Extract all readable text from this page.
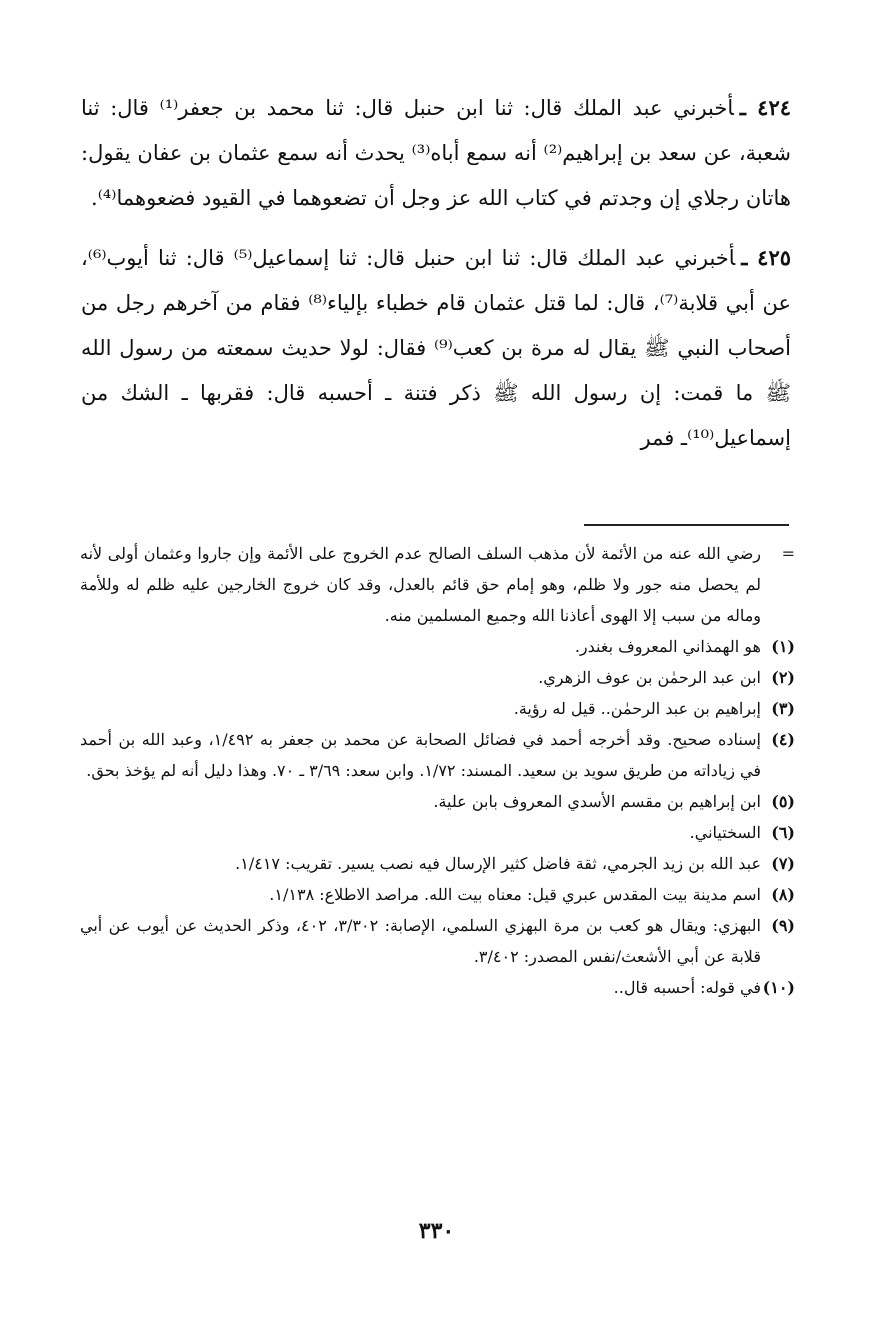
٤٢٤ ـأخبرني عبد الملك قال: ثنا ابن حنبل قال: ثنا محمد بن جعفر⁽¹⁾ قال: ثنا شعبة، عن سعد بن إبراهيم⁽²⁾ أنه سمع أباه⁽³⁾ يحدث أنه سمع عثمان بن عفان يقول: هاتان رجلاي إن وجدتم في كتاب الله عز وجل أن تضعوهما في القيود فضعوهما⁽⁴⁾.

٤٢٥ ـأخبرني عبد الملك قال: ثنا ابن حنبل قال: ثنا إسماعيل⁽⁵⁾ قال: ثنا أيوب⁽⁶⁾، عن أبي قلابة⁽⁷⁾، قال: لما قتل عثمان قام خطباء بإلياء⁽⁸⁾ فقام من آخرهم رجل من أصحاب النبي ﷺ يقال له مرة بن كعب⁽⁹⁾ فقال: لولا حديث سمعته من رسول الله ﷺ ما قمت: إن رسول الله ﷺ ذكر فتنة ـ أحسبه قال: فقربها ـ الشك من إسماعيل⁽¹⁰⁾ـ فمر

=
رضي الله عنه من الأئمة لأن مذهب السلف الصالح عدم الخروج على الأئمة وإن جاروا وعثمان أولى لأنه لم يحصل منه جور ولا ظلم، وهو إمام حق قائم بالعدل، وقد كان خروج الخارجين عليه ظلم له وللأمة وماله من سبب إلا الهوى أعاذنا الله وجميع المسلمين منه.
(١)
هو الهمذاني المعروف بغندر.
(٢)
ابن عبد الرحمٰن بن عوف الزهري.
(٣)
إبراهيم بن عبد الرحمٰن.. قيل له رؤية.
(٤)
إسناده صحيح. وقد أخرجه أحمد في فضائل الصحابة عن محمد بن جعفر به ١/٤٩٢، وعبد الله بن أحمد في زياداته من طريق سويد بن سعيد. المسند: ١/٧٢. وابن سعد: ٣/٦٩ ـ ٧٠. وهذا دليل أنه لم يؤخذ بحق.
(٥)
ابن إبراهيم بن مقسم الأسدي المعروف بابن علية.
(٦)
السختياني.
(٧)
عبد الله بن زيد الجرمي، ثقة فاضل كثير الإرسال فيه نصب يسير. تقريب: ١/٤١٧.
(٨)
اسم مدينة بيت المقدس عبري قيل: معناه بيت الله. مراصد الاطلاع: ١/١٣٨.
(٩)
البهزي: ويقال هو كعب بن مرة البهزي السلمي، الإصابة: ٣/٣٠٢، ٤٠٢، وذكر الحديث عن أيوب عن أبي قلابة عن أبي الأشعث/نفس المصدر: ٣/٤٠٢.
(١٠)
في قوله: أحسبه قال..
٣٣٠
